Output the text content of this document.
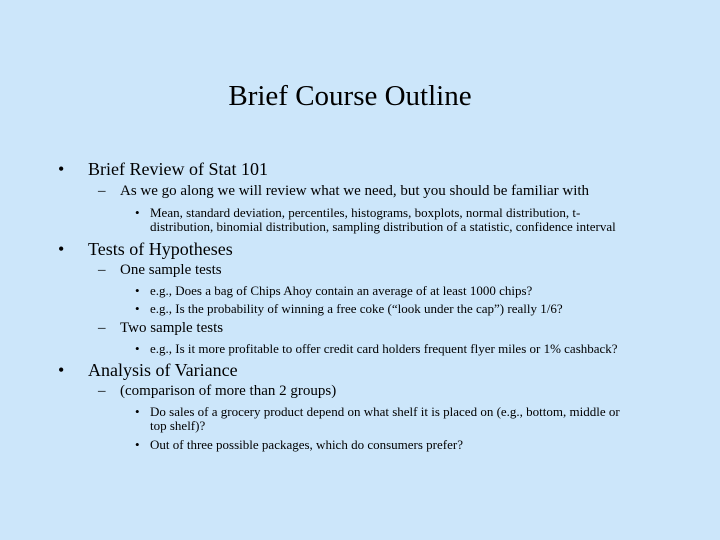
Brief Course Outline
• Brief Review of Stat 101
– As we go along we will review what we need, but you should be familiar with
• Mean, standard deviation, percentiles, histograms, boxplots, normal distribution, t-
distribution, binomial distribution, sampling distribution of a statistic, confidence interval
• Tests of Hypotheses
– One sample tests
• e.g., Does a bag of Chips Ahoy contain an average of at least 1000 chips?
• e.g., Is the probability of winning a free coke (“look under the cap”) really 1/6?
– Two sample tests
• e.g., Is it more profitable to offer credit card holders frequent flyer miles or 1% cashback?
• Analysis of Variance
– (comparison of more than 2 groups)
• Do sales of a grocery product depend on what shelf it is placed on (e.g., bottom, middle or
top shelf)?
• Out of three possible packages, which do consumers prefer?
